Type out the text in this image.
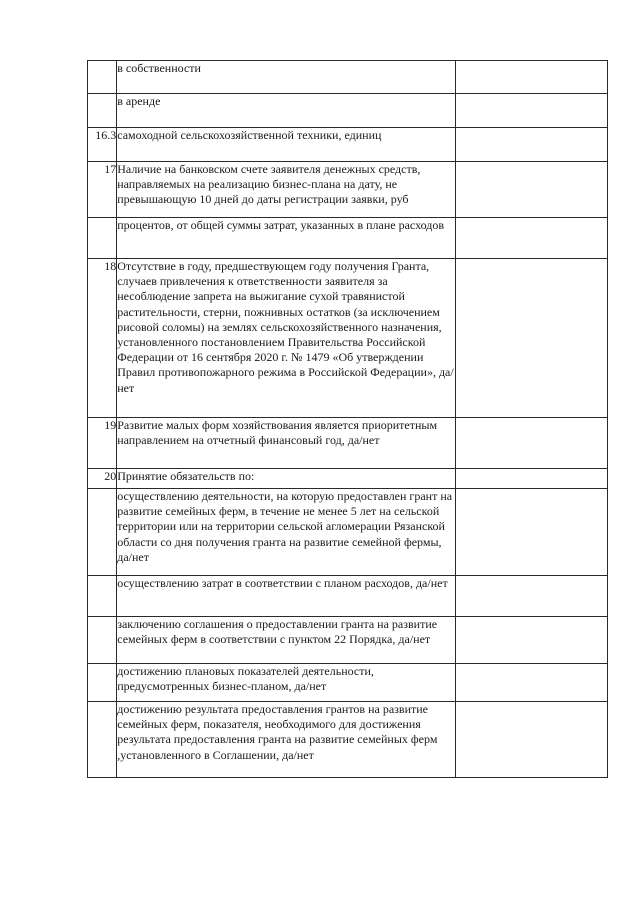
	в собственности	
	в аренде	
16.3	самоходной сельскохозяйственной техники, единиц	
17	Наличие на банковском счете заявителя денежных средств, направляемых на реализацию бизнес-плана на дату, не превышающую 10 дней до даты регистрации заявки, руб	
	процентов, от общей суммы затрат, указанных в плане расходов	
18	Отсутствие в году, предшествующем году получения Гранта, случаев привлечения к ответственности заявителя за несоблюдение запрета на выжигание сухой травянистой растительности, стерни, пожнивных остатков (за исключением рисовой соломы) на землях сельскохозяйственного назначения, установленного постановлением Правительства Российской Федерации от 16 сентября 2020 г. № 1479 «Об утверждении Правил противопожарного режима в Российской Федерации», да/нет	
19	Развитие малых форм хозяйствования является приоритетным направлением на отчетный финансовый год, да/нет	
20	Принятие обязательств по:	
	осуществлению деятельности, на которую предоставлен грант на развитие семейных ферм, в течение не менее 5 лет на сельской территории или на территории сельской агломерации Рязанской области со дня получения гранта на развитие семейной фермы, да/нет	
	осуществлению затрат в соответствии с планом расходов, да/нет	
	заключению соглашения о предоставлении гранта на развитие семейных ферм в соответствии с пунктом 22 Порядка, да/нет	
	достижению плановых показателей деятельности, предусмотренных бизнес-планом, да/нет	
	достижению результата предоставления грантов на развитие семейных ферм, показателя, необходимого для достижения результата предоставления гранта на развитие семейных ферм ,установленного в Соглашении, да/нет	
